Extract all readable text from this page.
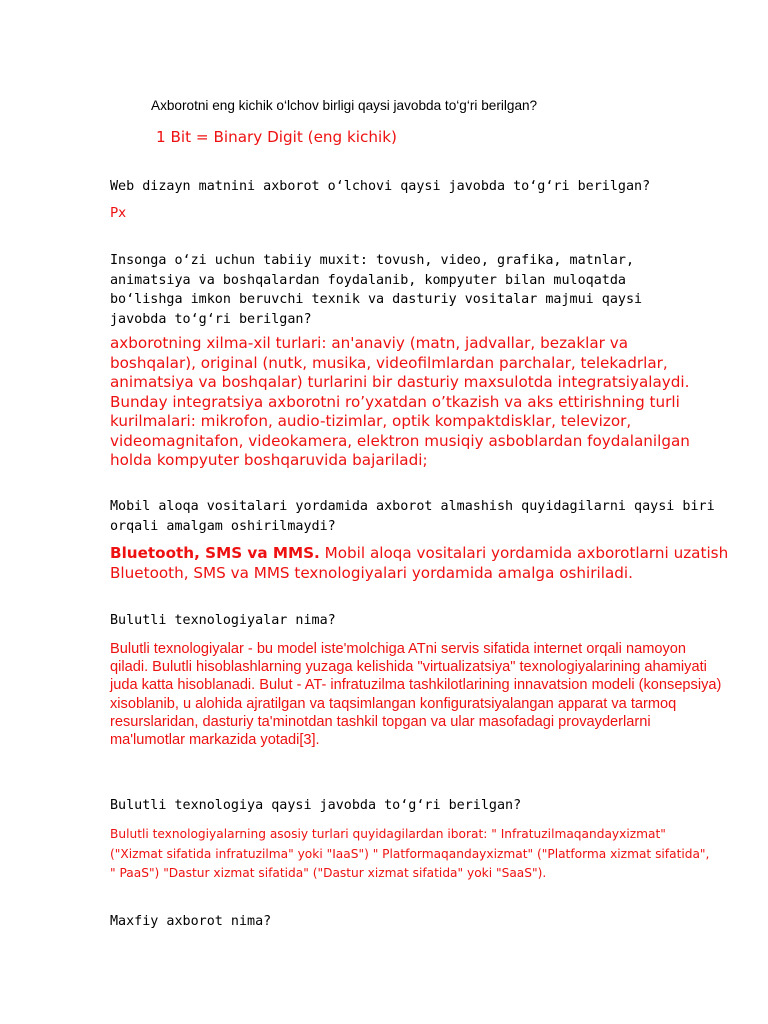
Axborotni eng kichik o‘lchov birligi qaysi javobda to‘g‘ri berilgan?

1 Bit = Binary Digit (eng kichik)

Web dizayn matnini axborot o‘lchovi qaysi javobda to‘g‘ri berilgan?

Px

Insonga o‘zi uchun tabiiy muxit: tovush, video, grafika, matnlar, animatsiya va boshqalardan foydalanib, kompyuter bilan muloqatda bo‘lishga imkon beruvchi texnik va dasturiy vositalar majmui qaysi javobda to‘g‘ri berilgan?

axborotning xilma-xil turlari: an'anaviy (matn, jadvallar, bezaklar va boshqalar), original (nutk, musika, videofilmlardan parchalar, telekadrlar, animatsiya va boshqalar) turlarini bir dasturiy maxsulotda integratsiyalaydi. Bunday integratsiya axborotni ro’yxatdan o’tkazish va aks ettirishning turli kurilmalari: mikrofon, audio-tizimlar, optik kompaktdisklar, televizor, videomagnitafon, videokamera, elektron musiqiy asboblardan foydalanilgan holda kompyuter boshqaruvida bajariladi;

Mobil aloqa vositalari yordamida axborot almashish quyidagilarni qaysi biri orqali amalgam oshirilmaydi?

Bluetooth, SMS va MMS. Mobil aloqa vositalari yordamida axborotlarni uzatish Bluetooth, SMS va MMS texnologiyalari yordamida amalga oshiriladi.

Bulutli texnologiyalar nima?

Bulutli texnologiyalar - bu model iste'molchiga ATni servis sifatida internet orqali namoyon qiladi. Bulutli hisoblashlarning yuzaga kelishida "virtualizatsiya" texnologiyalarining ahamiyati juda katta hisoblanadi. Bulut - AT- infratuzilma tashkilotlarining innavatsion modeli (konsepsiya) xisoblanib, u alohida ajratilgan va taqsimlangan konfiguratsiyalangan apparat va tarmoq resurslaridan, dasturiy ta'minotdan tashkil topgan va ular masofadagi provayderlarni ma'lumotlar markazida yotadi[3].

Bulutli texnologiya qaysi javobda to‘g‘ri berilgan?

Bulutli texnologiyalarning asosiy turlari quyidagilardan iborat: " Infratuzilmaqandayxizmat" ("Xizmat sifatida infratuzilma" yoki "IaaS") " Platformaqandayxizmat" ("Platforma xizmat sifatida", " PaaS") "Dastur xizmat sifatida" ("Dastur xizmat sifatida" yoki "SaaS").

Maxfiy axborot nima?
